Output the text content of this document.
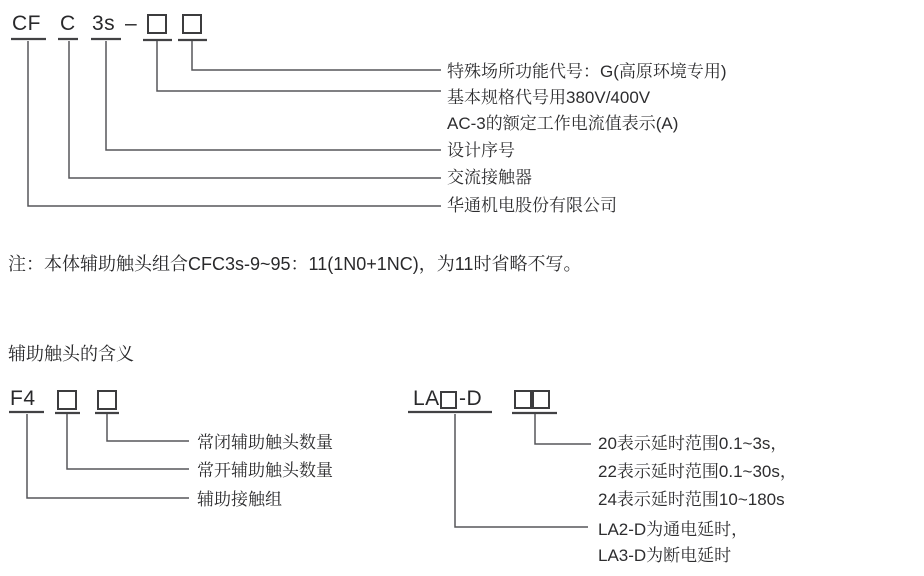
CF C 3s –
特殊场所功能代号：G(高原环境专用)
基本规格代号用380V/400V
AC-3的额定工作电流值表示(A)
设计序号
交流接触器
华通机电股份有限公司
注：本体辅助触头组合CFC3s-9~95：11(1N0+1NC)，为11时省略不写。
辅助触头的含义
F4
常闭辅助触头数量
常开辅助触头数量
辅助接触组
LA -D
20表示延时范围0.1~3s，
22表示延时范围0.1~30s，
24表示延时范围10~180s
LA2-D为通电延时，
LA3-D为断电延时
